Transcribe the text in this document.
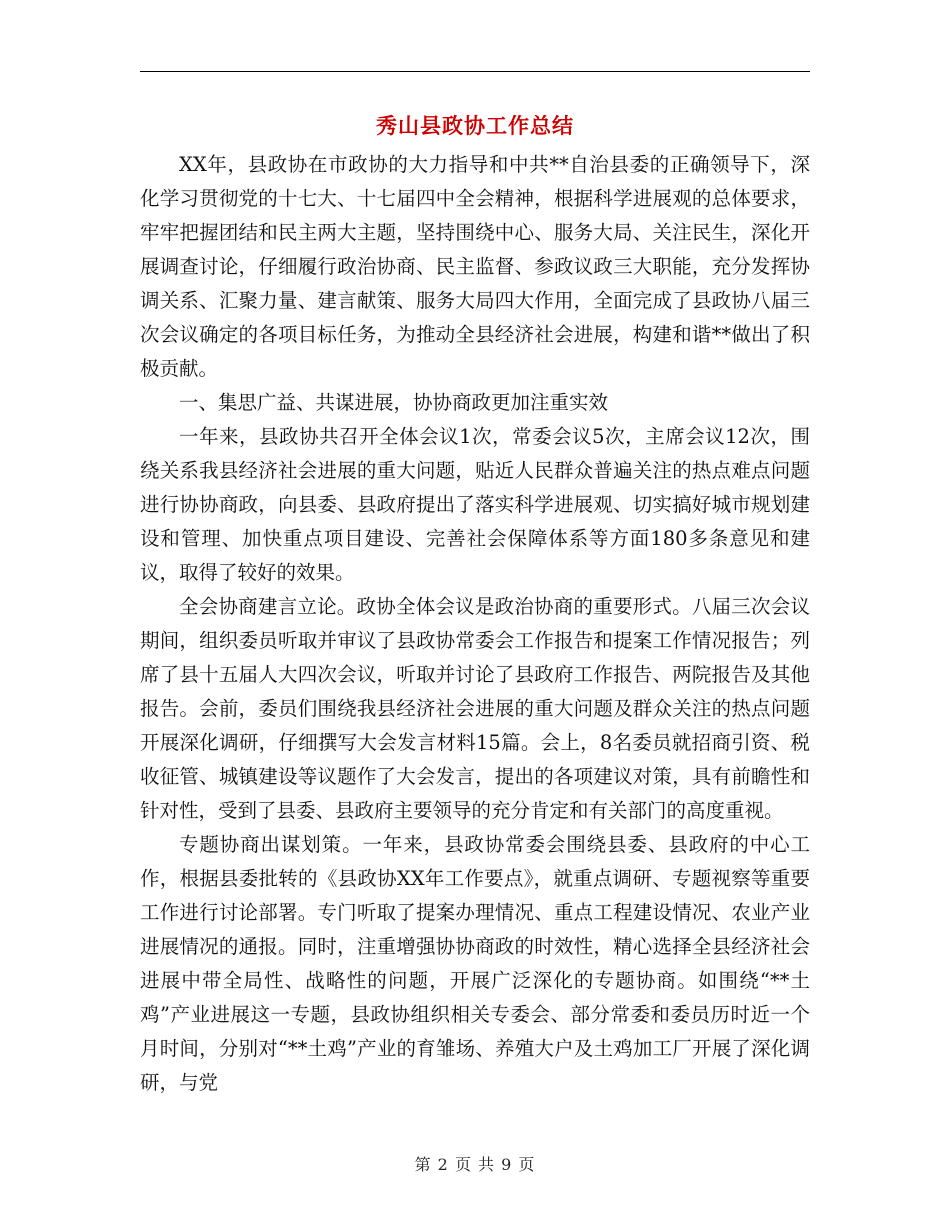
秀山县政协工作总结

XX年，县政协在市政协的大力指导和中共**自治县委的正确领导下，深化学习贯彻党的十七大、十七届四中全会精神，根据科学进展观的总体要求，牢牢把握团结和民主两大主题，坚持围绕中心、服务大局、关注民生，深化开展调查讨论，仔细履行政治协商、民主监督、参政议政三大职能，充分发挥协调关系、汇聚力量、建言献策、服务大局四大作用，全面完成了县政协八届三次会议确定的各项目标任务，为推动全县经济社会进展，构建和谐**做出了积极贡献。

一、集思广益、共谋进展，协协商政更加注重实效

一年来，县政协共召开全体会议1次，常委会议5次，主席会议12次，围绕关系我县经济社会进展的重大问题，贴近人民群众普遍关注的热点难点问题进行协协商政，向县委、县政府提出了落实科学进展观、切实搞好城市规划建设和管理、加快重点项目建设、完善社会保障体系等方面180多条意见和建议，取得了较好的效果。

全会协商建言立论。政协全体会议是政治协商的重要形式。八届三次会议期间，组织委员听取并审议了县政协常委会工作报告和提案工作情况报告；列席了县十五届人大四次会议，听取并讨论了县政府工作报告、两院报告及其他报告。会前，委员们围绕我县经济社会进展的重大问题及群众关注的热点问题开展深化调研，仔细撰写大会发言材料15篇。会上，8名委员就招商引资、税收征管、城镇建设等议题作了大会发言，提出的各项建议对策，具有前瞻性和针对性，受到了县委、县政府主要领导的充分肯定和有关部门的高度重视。

专题协商出谋划策。一年来，县政协常委会围绕县委、县政府的中心工作，根据县委批转的《县政协XX年工作要点》，就重点调研、专题视察等重要工作进行讨论部署。专门听取了提案办理情况、重点工程建设情况、农业产业进展情况的通报。同时，注重增强协协商政的时效性，精心选择全县经济社会进展中带全局性、战略性的问题，开展广泛深化的专题协商。如围绕“**土鸡”产业进展这一专题，县政协组织相关专委会、部分常委和委员历时近一个月时间，分别对“**土鸡”产业的育雏场、养殖大户及土鸡加工厂开展了深化调研，与党

第 2 页 共 9 页
